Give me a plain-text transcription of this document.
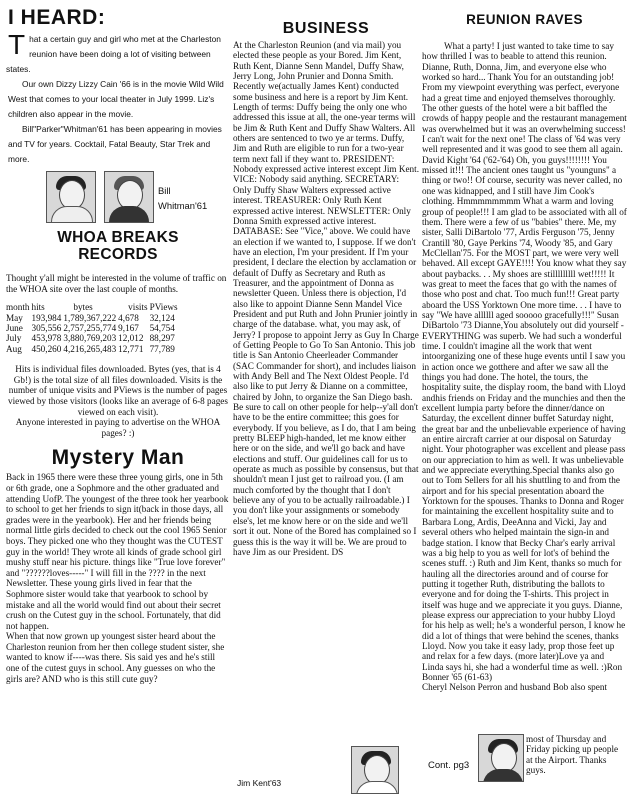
I HEARD:
T hat a certain guy and girl who met at the Charleston reunion have been doing a lot of visiting between states.

Our own Dizzy Lizzy Cain '66 is in the movie Wild Wild West that comes to your local theater in July 1999. Liz's children also appear in the movie.

Bill"Parker"Whitman'61 has been appearing in movies and TV for years. Cocktail, Fatal Beauty, Star Trek and more.

Bill
Whitman'61
WHOA BREAKS
RECORDS

Thought y'all might be interested in the volume of traffic on the WHOA site over the last couple of months.

month	hits	bytes	visits	PViews
May	193,984	1,789,367,222	4,678	32,124
June	305,556	2,757,255,774	9,167	54,754
July	453,978	3,880,769,203	12,012	88,297
Aug	450,260	4,216,265,483	12,771	77,789

Hits is individual files downloaded. Bytes (yes, that is 4 Gb!) is the total size of all files downloaded. Visits is the number of unique visits and PViews is the number of pages viewed by those visitors (looks like an average of 6-8 pages viewed on each visit).

Anyone interested in paying to advertise on the WHOA pages? :)

Mystery Man

Back in 1965 there were these three young girls, one in 5th or 6th grade, one a Sophmore and the other graduated and attending UofP. The youngest of the three took her yearbook to school to get her friends to sign it(back in those days, all grades were in the yearbook). Her and her friends being normal little girls decided to check out the cool 1965 Senior boys. They picked one who they thought was the CUTEST guy in the world! They wrote all kinds of grade school girl mushy stuff near his picture. things like "True love forever" and "??????loves-----" I will fill in the ???? in the next Newsletter. These young girls lived in fear that the Sophmore sister would take that yearbook to school by mistake and all the world would find out about their secret crush on the Cutest guy in the school. Fortunately, that did not happen.

When that now grown up youngest sister heard about the Charleston reunion from her then college student sister, she wanted to know if----was there. Sis said yes and he's still one of the cutest guys in school. Any guesses on who the girls are? AND who is this still cute guy?

BUSINESS

At the Charleston Reunion (and via mail) you elected these people as your Bored. Jim Kent, Ruth Kent, Dianne Senn Mandel, Duffy Shaw, Jerry Long, John Prunier and Donna Smith. Recently we(actually James Kent) conducted some business and here is a report by Jim Kent. Length of terms: Duffy being the only one who addressed this issue at all, the one-year terms will be Jim & Ruth Kent and Duffy Shaw Walters. All others are sentenced to two ye ar terms. Duffy, Jim and Ruth are eligible to run for a two-year term next fall if they want to. PRESIDENT: Nobody expressed active interest except Jim Kent. VICE: Nobody said anything. SECRETARY: Only Duffy Shaw Walters expressed active interest. TREASURER: Only Ruth Kent expressed active interest. NEWSLETTER: Only Donna Smith expressed active interest. DATABASE: See "Vice," above. We could have an election if we wanted to, I suppose. If we don't have an election, I'm your president. If I'm your president, I declare the election by acclamation or default of Duffy as Secretary and Ruth as Treasurer, and the appointment of Donna as newsletter Queen. Unless there is objection, I'd also like to appoint Dianne Senn Mandel Vice President and put Ruth and John Prunier jointly in charge of the database. what, you may ask, of Jerry? I propose to appoint Jerry as Guy In Charge of Getting People to Go To San Antonio. This job title is San Antonio Cheerleader Commander (SAC Commander for short), and includes liaison with Andy Bell and The Next Oldest People. I'd also like to put Jerry & Dianne on a committee, chaired by John, to organize the San Diego bash. Be sure to call on other people for help--y'all don't have to be the entire committee; this goes for everybody. If you believe, as I do, that I am being pretty BLEEP high-handed, let me know either here or on the side, and we'll go back and have elections and stuff. Our guidelines call for us to operate as much as possible by consensus, but that shouldn't mean I just get to railroad you. (I am much comforted by the thought that I don't believe any of you to be actually railroadable.) I you don't like your assignments or somebody else's, let me know here or on the side and we'll sort it out. None of the Bored has complained so I guess this is the way it will be. We are proud to have Jim as our President. DS

Jim Kent'63
REUNION RAVES

What a party! I just wanted to take time to say how thrilled I was to beable to attend this reunion. Dianne, Ruth, Donna, Jim, and everyone else who worked so hard... Thank You for an outstanding job! From my viewpoint everything was perfect, everyone had a great time and enjoyed themselves thoroughly. The other guests of the hotel were a bit baffled the crowds of happy people and the restaurant management was overwhelmed but it was an overwhelming success! I can't wait for the next one! The class of '64 was very well represented and it was good to see them all again.

David Kight '64 ('62-'64) Oh, you guys!!!!!!!! You missed it!!! The ancient ones taught us "younguns" a thing or two!! Of course, security was never called, no one was kidnapped, and I still have Jim Cook's clothing. Hmmmmmmmm What a warm and loving group of people!!! I am glad to be associated with all of them. There were a few of us "babies" there. Me, my sister, Salli DiBartolo '77, Ardis Ferguson '75, Jenny Crantill '80, Gaye Perkins '74, Woody '85, and Gary McClellan'75. For the MOST part, we were very well behaved. All except GAYE!!!! You know what they say about paybacks. . . My shoes are stilllllllll wet!!!!! It was great to meet the faces that go with the names of those who post and chat. Too much fun!!! Great party aboard the USS Yorktown One more time. . . I have to say "We have allllll aged sooooo gracefully!!!" Susan DiBartolo '73 Dianne,You absolutely out did yourself - EVERYTHING was superb. We had such a wonderful time. I couldn't imagine all the work that went intoorganizing one of these huge events until I saw you in action once we gotthere and after we saw all the things you had done. The hotel, the tours, the hospitality suite, the display room, the band with Lloyd andhis friends on Friday and the munchies and then the excellent lumpia party before the dinner/dance on Saturday, the excellent dinner buffet Saturday night, the great bar and the unbelievable experience of having an entire aircraft carrier at our disposal on Saturday night. Your photographer was excellent and please pass on our appreciation to him as well. It was unbelievable and we appreciate everything.Special thanks also go out to Tom Sellers for all his shuttling to and from the airport and for his special presentation aboard the Yorktown for the spouses. Thanks to Donna and Roger for maintaining the excellent hospitality suite and to Barbara Long, Ardis, DeeAnna and Vicki, Jay and several others who helped maintain the sign-in and badge station. I know that Becky Char's early arrival was a big help to you as well for lot's of behind the scenes stuff. :) Ruth and Jim Kent, thanks so much for hauling all the directories around and of course for putting it together Ruth, distributing the ballots to everyone and for doing the T-shirts. This project in itself was huge and we appreciate it you guys. Dianne, please express our appreciation to your hubby Lloyd for his help as well; he's a wonderful person, I know he did a lot of things that were behind the scenes, thanks Lloyd. Now you take it easy lady, prop those feet up and relax for a few days. (more later)Love ya and Linda says hi, she had a wonderful time as well. :)Ron Bonner '65 (61-63)

Cheryl Nelson Perron and husband Bob also spent

Cont. pg3
most of Thursday and Friday picking up people at the Airport. Thanks guys.
